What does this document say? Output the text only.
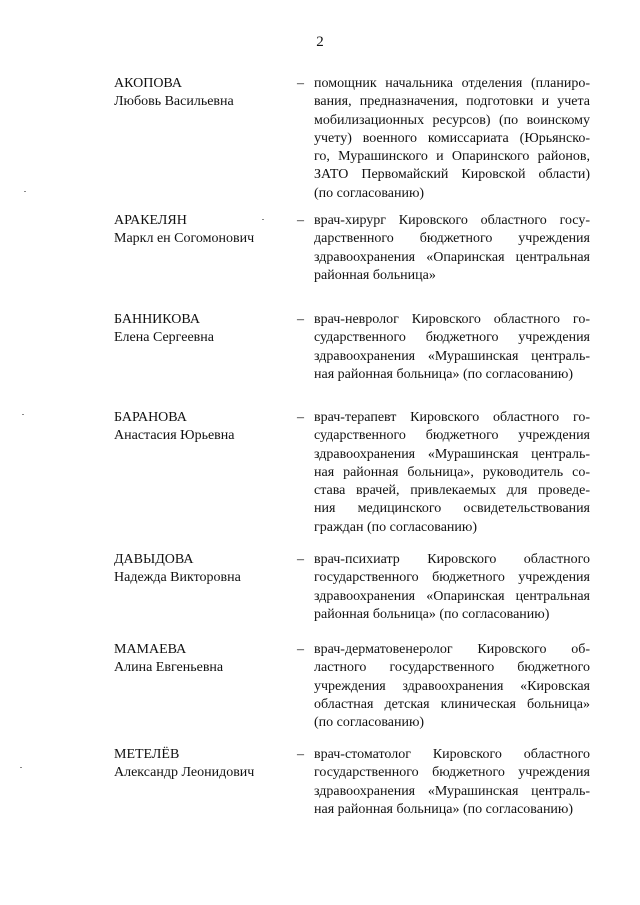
2
АКОПОВА
Любовь Васильевна
– помощник начальника отделения (планиро-
вания, предназначения, подготовки и учета
мобилизационных ресурсов) (по воинскому
учету) военного комиссариата (Юрьянско-
го, Мурашинского и Опаринского районов,
ЗАТО Первомайский Кировской области)
(по согласованию)
АРАКЕЛЯН
Маркл ен Согомонович
– врач-хирург Кировского областного госу-
дарственного бюджетного учреждения
здравоохранения «Опаринская центральная
районная больница»
БАННИКОВА
Елена Сергеевна
– врач-невролог Кировского областного го-
сударственного бюджетного учреждения
здравоохранения «Мурашинская централь-
ная районная больница» (по согласованию)
БАРАНОВА
Анастасия Юрьевна
– врач-терапевт Кировского областного го-
сударственного бюджетного учреждения
здравоохранения «Мурашинская централь-
ная районная больница», руководитель со-
става врачей, привлекаемых для проведе-
ния медицинского освидетельствования
граждан (по согласованию)
ДАВЫДОВА
Надежда Викторовна
– врач-психиатр Кировского областного
государственного бюджетного учреждения
здравоохранения «Опаринская центральная
районная больница» (по согласованию)
МАМАЕВА
Алина Евгеньевна
– врач-дерматовенеролог Кировского об-
ластного государственного бюджетного
учреждения здравоохранения «Кировская
областная детская клиническая больница»
(по согласованию)
МЕТЕЛЁВ
Александр Леонидович
– врач-стоматолог Кировского областного
государственного бюджетного учреждения
здравоохранения «Мурашинская централь-
ная районная больница» (по согласованию)
